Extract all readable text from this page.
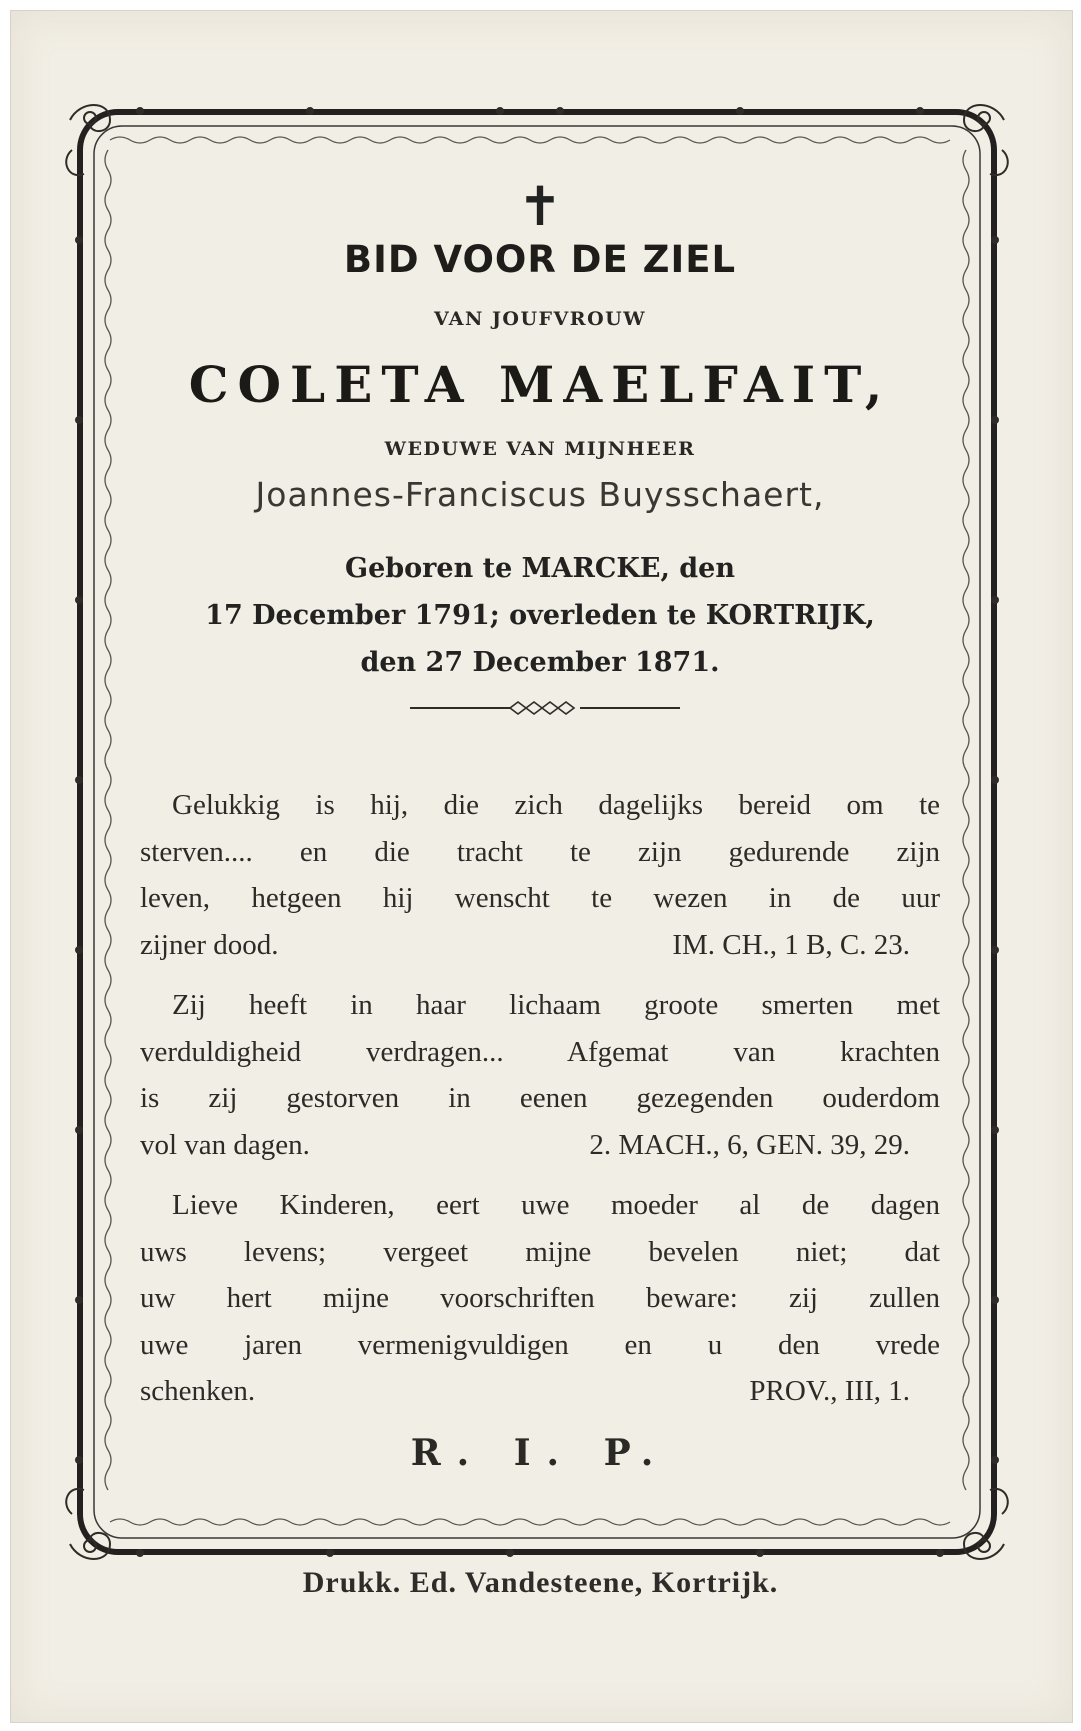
✝
BID VOOR DE ZIEL
VAN JOUFVROUW
COLETA MAELFAIT,
WEDUWE VAN MIJNHEER
Joannes-Franciscus Buysschaert,
Geboren te MARCKE, den
17 December 1791; overleden te KORTRIJK,
den 27 December 1871.
Gelukkig is hij, die zich dagelijks bereid om te
sterven.... en die tracht te zijn gedurende zijn
leven, hetgeen hij wenscht te wezen in de uur
zijner dood.	IM. CH., 1 B, C. 23.
Zij heeft in haar lichaam groote smerten met
verduldigheid verdragen... Afgemat van krachten
is zij gestorven in eenen gezegenden ouderdom
vol van dagen.	2. MACH., 6, GEN. 39, 29.
Lieve Kinderen, eert uwe moeder al de dagen
uws levens; vergeet mijne bevelen niet; dat
uw hert mijne voorschriften beware: zij zullen
uwe jaren vermenigvuldigen en u den vrede
schenken.	PROV., III, 1.
R. I. P.
Drukk. Ed. Vandesteene, Kortrijk.
